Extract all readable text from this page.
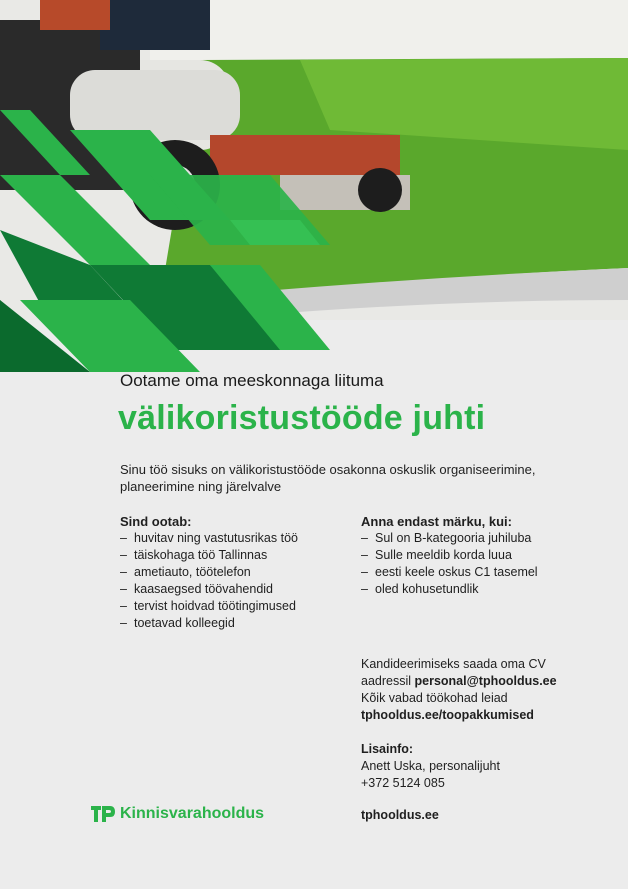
Ootame oma meeskonnaga liituma
välikoristustööde juhti
Sinu töö sisuks on välikoristustööde osakonna oskuslik organiseerimine, planeerimine ning järelvalve
Sind ootab:
– huvitav ning vastutusrikas töö
– täiskohaga töö Tallinnas
– ametiauto, töötelefon
– kaasaegsed töövahendid
– tervist hoidvad töötingimused
– toetavad kolleegid
Anna endast märku, kui:
– Sul on B-kategooria juhiluba
– Sulle meeldib korda luua
– eesti keele oskus C1 tasemel
– oled kohusetundlik
Kandideerimiseks saada oma CV
aadressil personal@tphooldus.ee
Kõik vabad töökohad leiad
tphooldus.ee/toopakkumised
Lisainfo:
Anett Uska, personalijuht
+372 5124 085
tphooldus.ee
Kinnisvarahooldus
